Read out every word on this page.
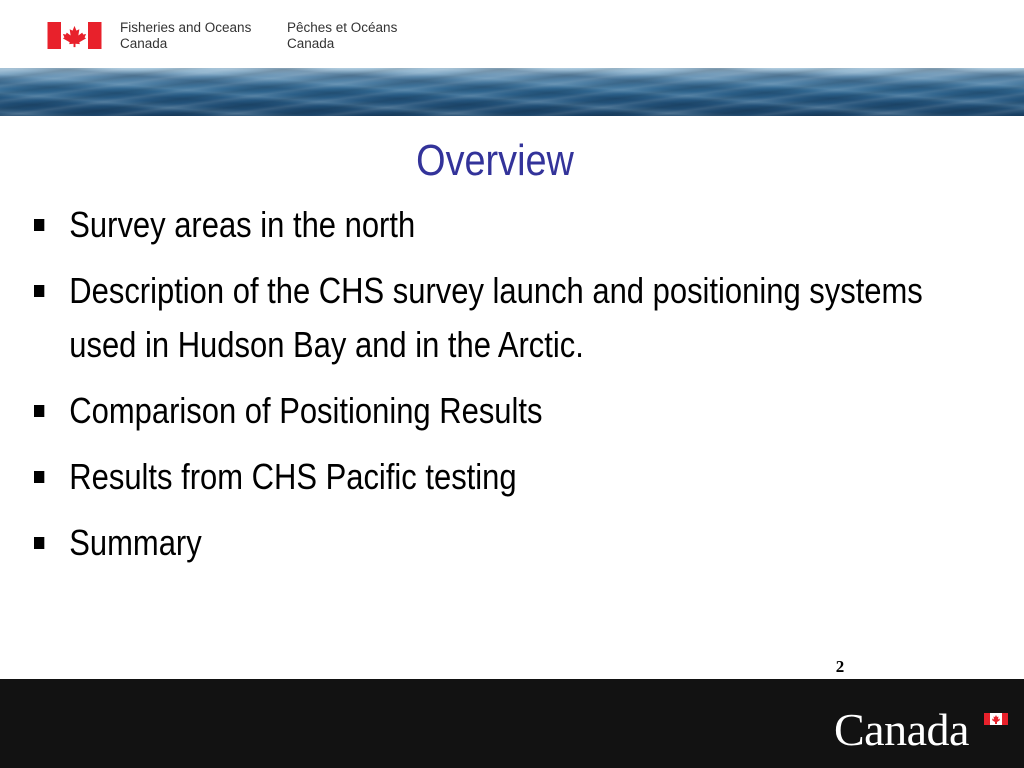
Fisheries and Oceans
Canada
Pêches et Océans
Canada
Overview
Survey areas in the north
Description of the CHS survey launch and positioning systems used in Hudson Bay and in the Arctic.
Comparison of Positioning Results
Results from CHS Pacific testing
Summary
2
Canada
